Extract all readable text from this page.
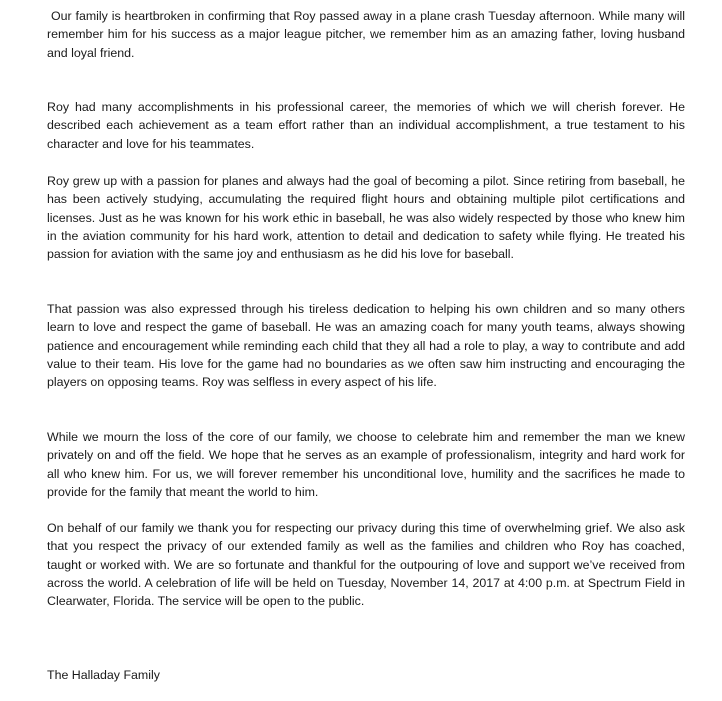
Our family is heartbroken in confirming that Roy passed away in a plane crash Tuesday afternoon. While many will remember him for his success as a major league pitcher, we remember him as an amazing father, loving husband and loyal friend.

Roy had many accomplishments in his professional career, the memories of which we will cherish forever. He described each achievement as a team effort rather than an individual accomplishment, a true testament to his character and love for his teammates.

Roy grew up with a passion for planes and always had the goal of becoming a pilot. Since retiring from baseball, he has been actively studying, accumulating the required flight hours and obtaining multiple pilot certifications and licenses. Just as he was known for his work ethic in baseball, he was also widely respected by those who knew him in the aviation community for his hard work, attention to detail and dedication to safety while flying. He treated his passion for aviation with the same joy and enthusiasm as he did his love for baseball.

That passion was also expressed through his tireless dedication to helping his own children and so many others learn to love and respect the game of baseball. He was an amazing coach for many youth teams, always showing patience and encouragement while reminding each child that they all had a role to play, a way to contribute and add value to their team. His love for the game had no boundaries as we often saw him instructing and encouraging the players on opposing teams. Roy was selfless in every aspect of his life.

While we mourn the loss of the core of our family, we choose to celebrate him and remember the man we knew privately on and off the field. We hope that he serves as an example of professionalism, integrity and hard work for all who knew him. For us, we will forever remember his unconditional love, humility and the sacrifices he made to provide for the family that meant the world to him.

On behalf of our family we thank you for respecting our privacy during this time of overwhelming grief. We also ask that you respect the privacy of our extended family as well as the families and children who Roy has coached, taught or worked with. We are so fortunate and thankful for the outpouring of love and support we’ve received from across the world. A celebration of life will be held on Tuesday, November 14, 2017 at 4:00 p.m. at Spectrum Field in Clearwater, Florida. The service will be open to the public.

The Halladay Family
